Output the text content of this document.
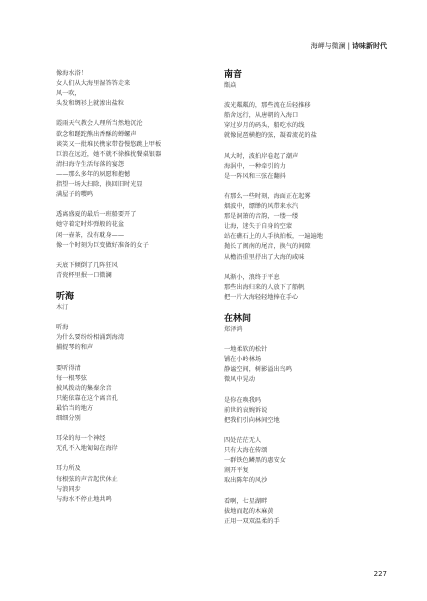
海岬与微澜 | 诗味新时代
像海水浴！
女人们从大海里湿答答走来
风一吹，
头发和绸衫上就渗出盐粒
霞雨天气教会人理所当然地沉沦
欲念和蹉跎熊出香酥的蝉螺声
谈笑又一批堆民携家带眷慢悠跳上甲板
巨浪在远近，她不就不徐推扰餐桌银器
清扫海寺生活每落的宴怨
——那么多年的夙愿和抱憾
指望一场大扫除，换回旧时光显
满屋子的嘤鸣
透离盛夏的最后一班船要开了
她守着定时炸弹般的花盆
闲一壶茶，没有耽身——
像一个时刻为巨变做好准备的女子
天底下倾倒了几阵狂风
青瓷杯里抿一口微澜
听海
木汀
听海
为什么要纷纷相涌到海湾
捕捉琴的和声
要听得清
每一根琴弦
披风拨动的集秦余音
只能依靠在这个离音孔
最恰当的地方
细细分别
耳朵的每一个神经
无孔不入地匍匐在海岸
耳力所及
每根弦的声音起伏休止
与浪同步
与海水不停止地共鸣
南音
甑焱
波光粼粼的，那些流在岳轻推移
船舍远行，从唐朝的入海口
穿过岁月的码头，船吃水的线
就像昆琶横抱的弦，凝着流花的盐
风大时，波拍岸卷起了潮声
海涡中，一种牵引的力
是一阵风和三弦在翻抖
有那么一些时刻，海面正在起雾
烟波中，缥缈的风带来水汽
那是洞箫的音韵，一缕一缕
让海，迷失于自身的空蒙
站在礁石上的人手执拍板，一遍遍地
抛长了闽南的尾音，换气的间隙
从檐沿重里抒出了大海的咸味
风渐小，浪终于平息
那些出海归来的人放下了船帆
把一片大海轻轻地捧在手心
在林间
郑泽鸿
一地柔软的松针
铺在小岭林场
静谧空间，树影溢出鸟鸣
微风中晃动
是你在唤我吗
前世的哀婉诉说
把我们引向林间空地
四处茫茫无人
只有大海在传颂
一群铁色鳞黑的惠安女
割开平复
取出陈年的风沙
看啊，七星湖畔
拔地而起的木麻黄
正用一双双温柔的手
227
